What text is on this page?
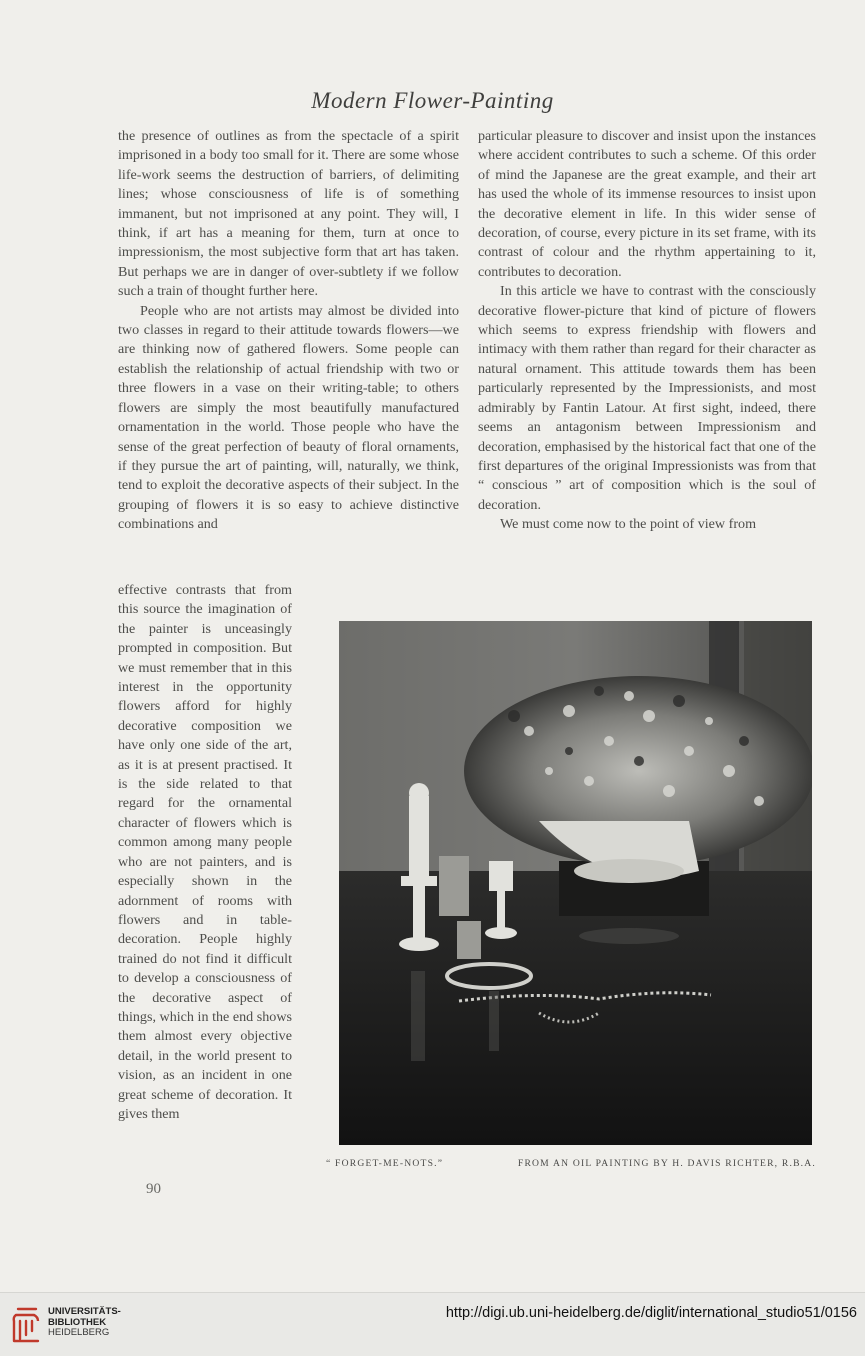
Modern Flower-Painting

the presence of outlines as from the spectacle of a spirit imprisoned in a body too small for it. There are some whose life-work seems the destruction of barriers, of delimiting lines; whose consciousness of life is of something immanent, but not imprisoned at any point. They will, I think, if art has a meaning for them, turn at once to impressionism, the most subjective form that art has taken. But perhaps we are in danger of over-subtlety if we follow such a train of thought further here.

People who are not artists may almost be divided into two classes in regard to their attitude towards flowers—we are thinking now of gathered flowers. Some people can establish the relationship of actual friendship with two or three flowers in a vase on their writing-table; to others flowers are simply the most beautifully manufactured ornamentation in the world. Those people who have the sense of the great perfection of beauty of floral ornaments, if they pursue the art of painting, will, naturally, we think, tend to exploit the decorative aspects of their subject. In the grouping of flowers it is so easy to achieve distinctive combinations and

effective contrasts that from this source the imagination of the painter is unceasingly prompted in composition. But we must remember that in this interest in the opportunity flowers afford for highly decorative composition we have only one side of the art, as it is at present practised. It is the side related to that regard for the ornamental character of flowers which is common among many people who are not painters, and is especially shown in the adornment of rooms with flowers and in table-decoration. People highly trained do not find it difficult to develop a consciousness of the decorative aspect of things, which in the end shows them almost every objective detail, in the world present to vision, as an incident in one great scheme of decoration. It gives them

particular pleasure to discover and insist upon the instances where accident contributes to such a scheme. Of this order of mind the Japanese are the great example, and their art has used the whole of its immense resources to insist upon the decorative element in life. In this wider sense of decoration, of course, every picture in its set frame, with its contrast of colour and the rhythm appertaining to it, contributes to decoration.

In this article we have to contrast with the consciously decorative flower-picture that kind of picture of flowers which seems to express friendship with flowers and intimacy with them rather than regard for their character as natural ornament. This attitude towards them has been particularly represented by the Impressionists, and most admirably by Fantin Latour. At first sight, indeed, there seems an antagonism between Impressionism and decoration, emphasised by the historical fact that one of the first departures of the original Impressionists was from that “ conscious ” art of composition which is the soul of decoration.

We must come now to the point of view from

“ FORGET-ME-NOTS.”	FROM AN OIL PAINTING BY H. DAVIS RICHTER, R.B.A.
90
UNIVERSITÄTS-
BIBLIOTHEK
HEIDELBERG
http://digi.ub.uni-heidelberg.de/diglit/international_studio51/0156
